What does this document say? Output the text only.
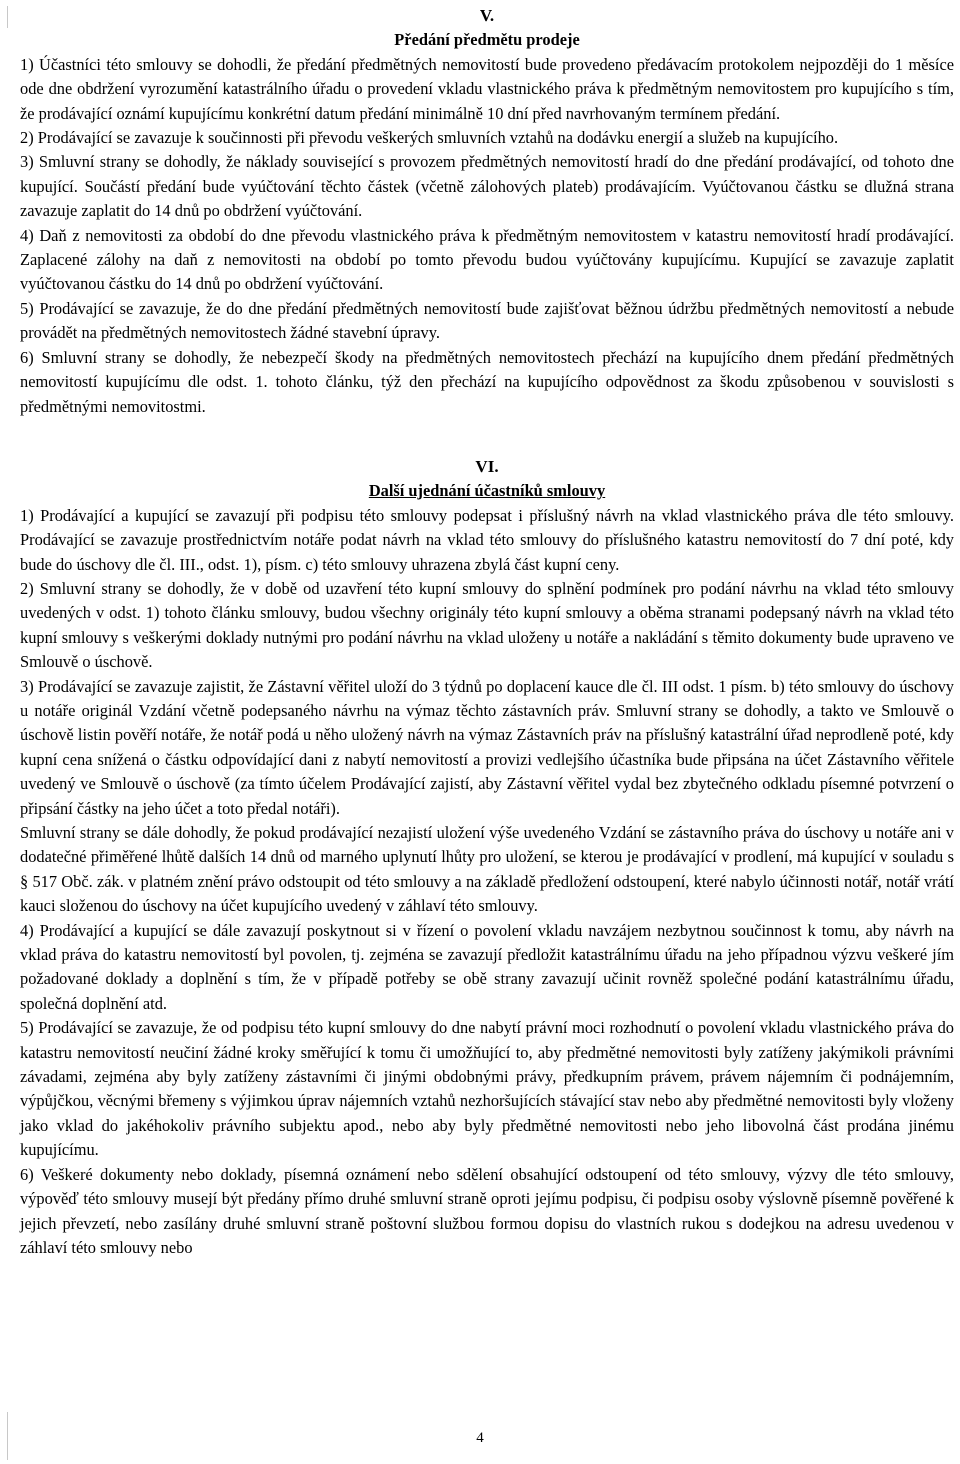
V.

Předání předmětu prodeje

1) Účastníci této smlouvy se dohodli, že předání předmětných nemovitostí bude provedeno předávacím protokolem nejpozději do 1 měsíce ode dne obdržení vyrozumění katastrálního úřadu o provedení vkladu vlastnického práva k předmětným nemovitostem pro kupujícího s tím, že prodávající oznámí kupujícímu konkrétní datum předání minimálně 10 dní před navrhovaným termínem předání.

2) Prodávající se zavazuje k součinnosti při převodu veškerých smluvních vztahů na dodávku energií a služeb na kupujícího.

3) Smluvní strany se dohodly, že náklady související s provozem předmětných nemovitostí hradí do dne předání prodávající, od tohoto dne kupující. Součástí předání bude vyúčtování těchto částek (včetně zálohových plateb) prodávajícím. Vyúčtovanou částku se dlužná strana zavazuje zaplatit do 14 dnů po obdržení vyúčtování.

4) Daň z nemovitosti za období do dne převodu vlastnického práva k předmětným nemovitostem v katastru nemovitostí hradí prodávající. Zaplacené zálohy na daň z nemovitosti na období po tomto převodu budou vyúčtovány kupujícímu. Kupující se zavazuje zaplatit vyúčtovanou částku do 14 dnů po obdržení vyúčtování.

5) Prodávající se zavazuje, že do dne předání předmětných nemovitostí bude zajišťovat běžnou údržbu předmětných nemovitostí a nebude provádět na předmětných nemovitostech žádné stavební úpravy.

6) Smluvní strany se dohodly, že nebezpečí škody na předmětných nemovitostech přechází na kupujícího dnem předání předmětných nemovitostí kupujícímu dle odst. 1. tohoto článku, týž den přechází na kupujícího odpovědnost za škodu způsobenou v souvislosti s předmětnými nemovitostmi.

VI.

Další ujednání účastníků smlouvy

1) Prodávající a kupující se zavazují při podpisu této smlouvy podepsat i příslušný návrh na vklad vlastnického práva dle této smlouvy. Prodávající se zavazuje prostřednictvím notáře podat návrh na vklad této smlouvy do příslušného katastru nemovitostí do 7 dní poté, kdy bude do úschovy dle čl. III., odst. 1), písm. c) této smlouvy uhrazena zbylá část kupní ceny.

2) Smluvní strany se dohodly, že v době od uzavření této kupní smlouvy do splnění podmínek pro podání návrhu na vklad této smlouvy uvedených v odst. 1) tohoto článku smlouvy, budou všechny originály této kupní smlouvy a oběma stranami podepsaný návrh na vklad této kupní smlouvy s veškerými doklady nutnými pro podání návrhu na vklad uloženy u notáře a nakládání s těmito dokumenty bude upraveno ve Smlouvě o úschově.

3) Prodávající se zavazuje zajistit, že Zástavní věřitel uloží do 3 týdnů po doplacení kauce dle čl. III odst. 1 písm. b) této smlouvy do úschovy u notáře originál Vzdání včetně podepsaného návrhu na výmaz těchto zástavních práv. Smluvní strany se dohodly, a takto ve Smlouvě o úschově listin pověří notáře, že notář podá u něho uložený návrh na výmaz Zástavních práv na příslušný katastrální úřad neprodleně poté, kdy kupní cena snížená o částku odpovídající dani z nabytí nemovitostí a provizi vedlejšího účastníka bude připsána na účet Zástavního věřitele uvedený ve Smlouvě o úschově (za tímto účelem Prodávající zajistí, aby Zástavní věřitel vydal bez zbytečného odkladu písemné potvrzení o připsání částky na jeho účet a toto předal notáři).

Smluvní strany se dále dohodly, že pokud prodávající nezajistí uložení výše uvedeného Vzdání se zástavního práva do úschovy u notáře ani v dodatečné přiměřené lhůtě dalších 14 dnů od marného uplynutí lhůty pro uložení, se kterou je prodávající v prodlení, má kupující v souladu s § 517 Obč. zák. v platném znění právo odstoupit od této smlouvy a na základě předložení odstoupení, které nabylo účinnosti notář, notář vrátí kauci složenou do úschovy na účet kupujícího uvedený v záhlaví této smlouvy.

4) Prodávající a kupující se dále zavazují poskytnout si v řízení o povolení vkladu navzájem nezbytnou součinnost k tomu, aby návrh na vklad práva do katastru nemovitostí byl povolen, tj. zejména se zavazují předložit katastrálnímu úřadu na jeho případnou výzvu veškeré jím požadované doklady a doplnění s tím, že v případě potřeby se obě strany zavazují učinit rovněž společné podání katastrálnímu úřadu, společná doplnění atd.

5) Prodávající se zavazuje, že od podpisu této kupní smlouvy do dne nabytí právní moci rozhodnutí o povolení vkladu vlastnického práva do katastru nemovitostí neučiní žádné kroky směřující k tomu či umožňující to, aby předmětné nemovitosti byly zatíženy jakýmikoli právními závadami, zejména aby byly zatíženy zástavními či jinými obdobnými právy, předkupním právem, právem nájemním či podnájemním, výpůjčkou, věcnými břemeny s výjimkou úprav nájemních vztahů nezhoršujících stávající stav nebo aby předmětné nemovitosti byly vloženy jako vklad do jakéhokoliv právního subjektu apod., nebo aby byly předmětné nemovitosti nebo jeho libovolná část prodána jinému kupujícímu.

6) Veškeré dokumenty nebo doklady, písemná oznámení nebo sdělení obsahující odstoupení od této smlouvy, výzvy dle této smlouvy, výpověď této smlouvy musejí být předány přímo druhé smluvní straně oproti jejímu podpisu, či podpisu osoby výslovně písemně pověřené k jejich převzetí, nebo zasílány druhé smluvní straně poštovní službou formou dopisu do vlastních rukou s dodejkou na adresu uvedenou v záhlaví této smlouvy nebo

4
